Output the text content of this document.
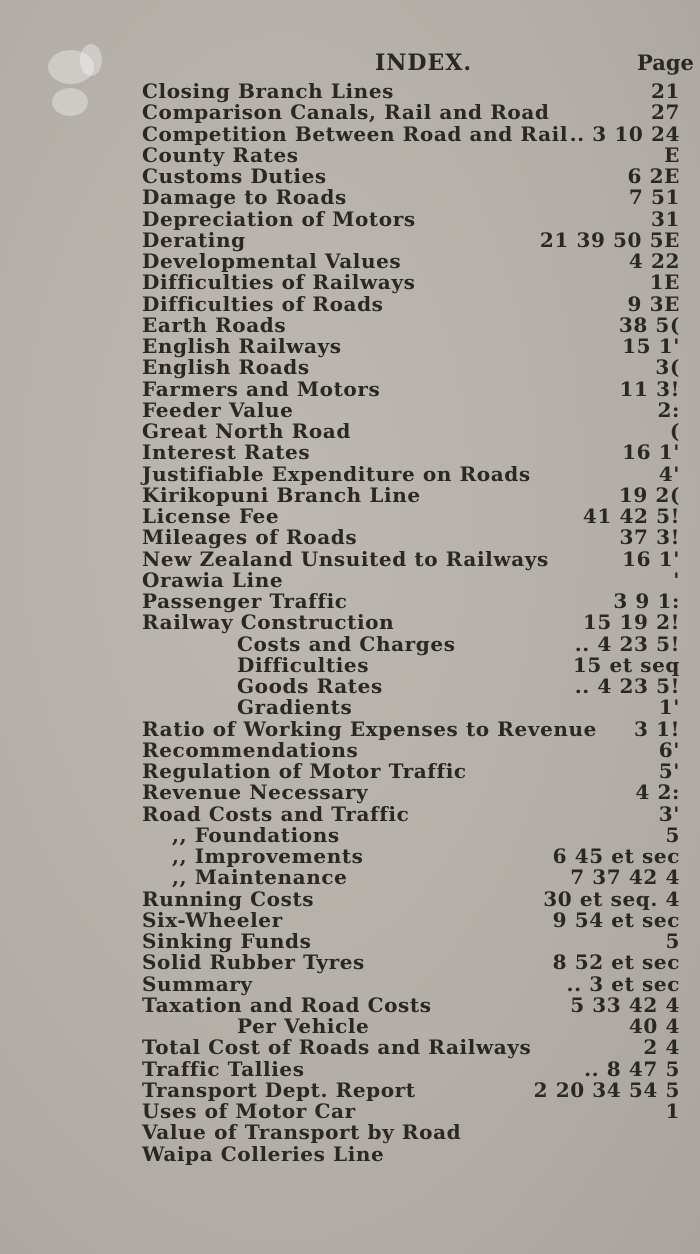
INDEX.	Page
Closing Branch Lines	21
Comparison Canals, Rail and Road	27
Competition Between Road and Rail .. 3 10 24
County Rates	E
Customs Duties	6 2E
Damage to Roads	7 51
Depreciation of Motors	31
Derating	21 39 50 5E
Developmental Values	4 22
Difficulties of Railways	1E
Difficulties of Roads	9 3E
Earth Roads	38 5(
English Railways	15 1'
English Roads	3(
Farmers and Motors	11 3!
Feeder Value	2:
Great North Road	(
Interest Rates	16 1'
Justifiable Expenditure on Roads	4'
Kirikopuni Branch Line	19 2(
License Fee	41 42 5!
Mileages of Roads	37 3!
New Zealand Unsuited to Railways	16 1'
Orawia Line	'
Passenger Traffic	3 9 1:
Railway Construction	15 19 2!
Costs and Charges	.. 4 23 5!
Difficulties	15 et seq
Goods Rates	.. 4 23 5!
Gradients	1'
Ratio of Working Expenses to Revenue 3 1!
Recommendations	6'
Regulation of Motor Traffic	5'
Revenue Necessary	4 2:
Road Costs and Traffic	3'
,, Foundations	5
,, Improvements	6 45 et sec
,, Maintenance	7 37 42 4
Running Costs	30 et seq. 4
Six-Wheeler	9 54 et sec
Sinking Funds	5
Solid Rubber Tyres	8 52 et sec
Summary	.. 3 et sec
Taxation and Road Costs	5 33 42 4
Per Vehicle	40 4
Total Cost of Roads and Railways	2 4
Traffic Tallies	.. 8 47 5
Transport Dept. Report	2 20 34 54 5
Uses of Motor Car	1
Value of Transport by Road
Waipa Colleries Line
